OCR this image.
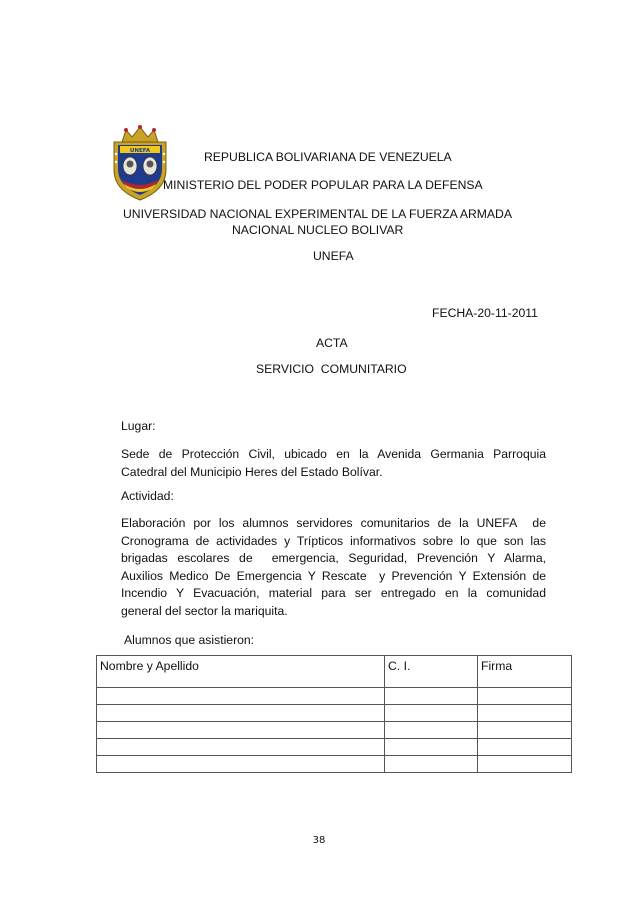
UNEFA	REPUBLICA BOLIVARIANA DE VENEZUELA
MINISTERIO DEL PODER POPULAR PARA LA DEFENSA
UNIVERSIDAD NACIONAL EXPERIMENTAL DE LA FUERZA ARMADA
NACIONAL NUCLEO BOLIVAR
UNEFA
FECHA-20-11-2011
ACTA
SERVICIO  COMUNITARIO
Lugar:
Sede de Protección Civil, ubicado en la Avenida Germania Parroquia
Catedral del Municipio Heres del Estado Bolívar.
Actividad:
Elaboración por los alumnos servidores comunitarios de la UNEFA  de
Cronograma de actividades y Trípticos informativos sobre lo que son las
brigadas escolares de  emergencia, Seguridad, Prevención Y Alarma,
Auxilios Medico De Emergencia Y Rescate  y Prevención Y Extensión de
Incendio Y Evacuación, material para ser entregado en la comunidad
general del sector la mariquita.
Alumnos que asistieron:
Nombre y Apellido	C. I.	Firma

38
